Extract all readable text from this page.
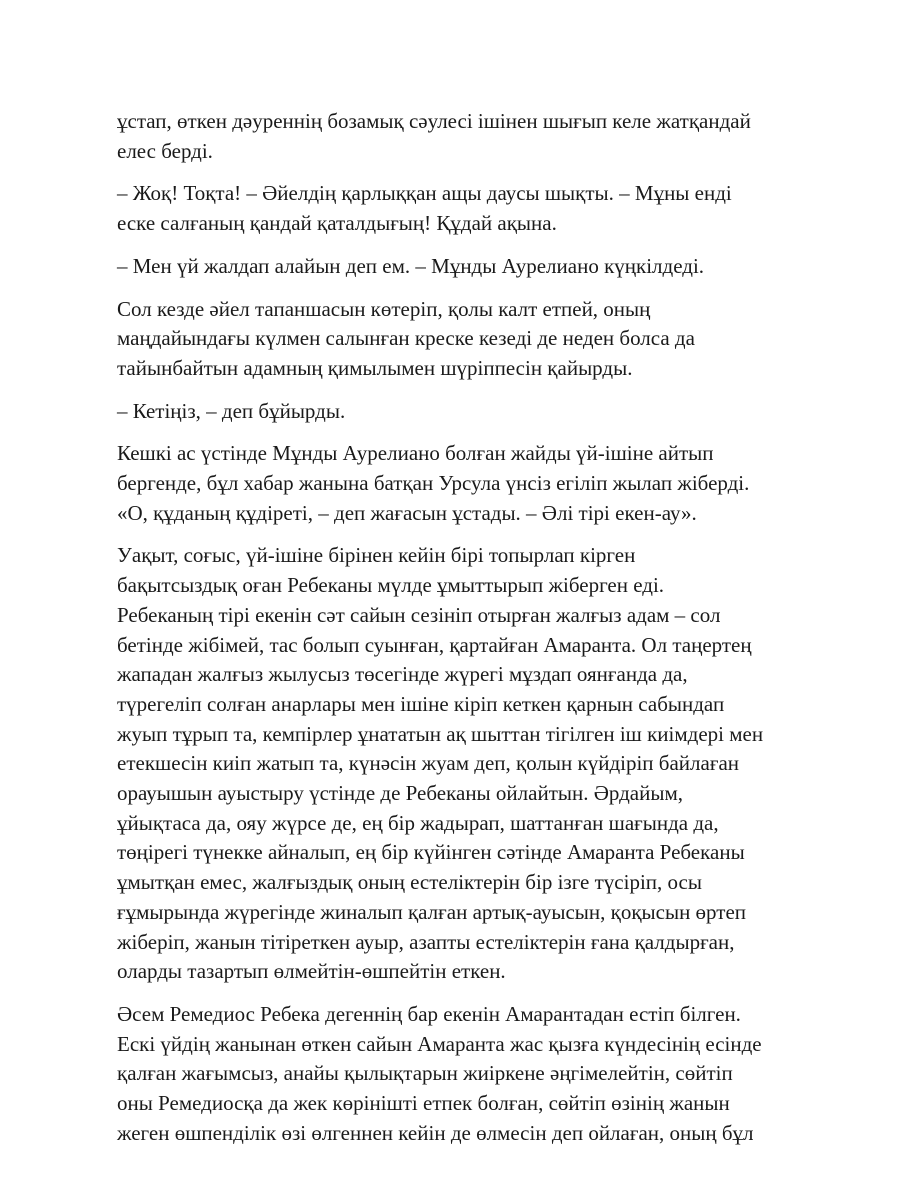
ұстап, өткен дәуреннің бозамық сәулесі ішінен шығып келе жатқандай
елес берді.

– Жоқ! Тоқта! – Әйелдің қарлыққан ащы даусы шықты. – Мұны енді
еске салғаның қандай қаталдығың! Құдай ақына.

– Мен үй жалдап алайын деп ем. – Мұнды Аурелиано күңкілдеді.

Сол кезде әйел тапаншасын көтеріп, қолы калт етпей, оның
маңдайындағы күлмен салынған креске кезеді де неден болса да
тайынбайтын адамның қимылымен шүріппесін қайырды.

– Кетіңіз, – деп бұйырды.

Кешкі ас үстінде Мұнды Аурелиано болған жайды үй-ішіне айтып
бергенде, бұл хабар жанына батқан Урсула үнсіз егіліп жылап жіберді.
«О, құданың құдіреті, – деп жағасын ұстады. – Әлі тірі екен-ау».

Уақыт, соғыс, үй-ішіне бірінен кейін бірі топырлап кірген
бақытсыздық оған Ребеканы мүлде ұмыттырып жіберген еді.
Ребеканың тірі екенін сәт сайын сезініп отырған жалғыз адам – сол
бетінде жібімей, тас болып суынған, қартайған Амаранта. Ол таңертең
жападан жалғыз жылусыз төсегінде жүрегі мұздап оянғанда да,
түрегеліп солған анарлары мен ішіне кіріп кеткен қарнын сабындап
жуып тұрып та, кемпірлер ұнататын ақ шыттан тігілген іш киімдері мен
етекшесін киіп жатып та, күнәсін жуам деп, қолын күйдіріп байлаған
орауышын ауыстыру үстінде де Ребеканы ойлайтын. Әрдайым,
ұйықтаса да, ояу жүрсе де, ең бір жадырап, шаттанған шағында да,
төңірегі түнекке айналып, ең бір күйінген сәтінде Амаранта Ребеканы
ұмытқан емес, жалғыздық оның естеліктерін бір ізге түсіріп, осы
ғұмырында жүрегінде жиналып қалған артық-ауысын, қоқысын өртеп
жіберіп, жанын тітіреткен ауыр, азапты естеліктерін ғана қалдырған,
оларды тазартып өлмейтін-өшпейтін еткен.

Әсем Ремедиос Ребека дегеннің бар екенін Амарантадан естіп білген.
Ескі үйдің жанынан өткен сайын Амаранта жас қызға күндесінің есінде
қалған жағымсыз, анайы қылықтарын жиіркене әңгімелейтін, сөйтіп
оны Ремедиосқа да жек көрінішті етпек болған, сөйтіп өзінің жанын
жеген өшпенділік өзі өлгеннен кейін де өлмесін деп ойлаған, оның бұл
